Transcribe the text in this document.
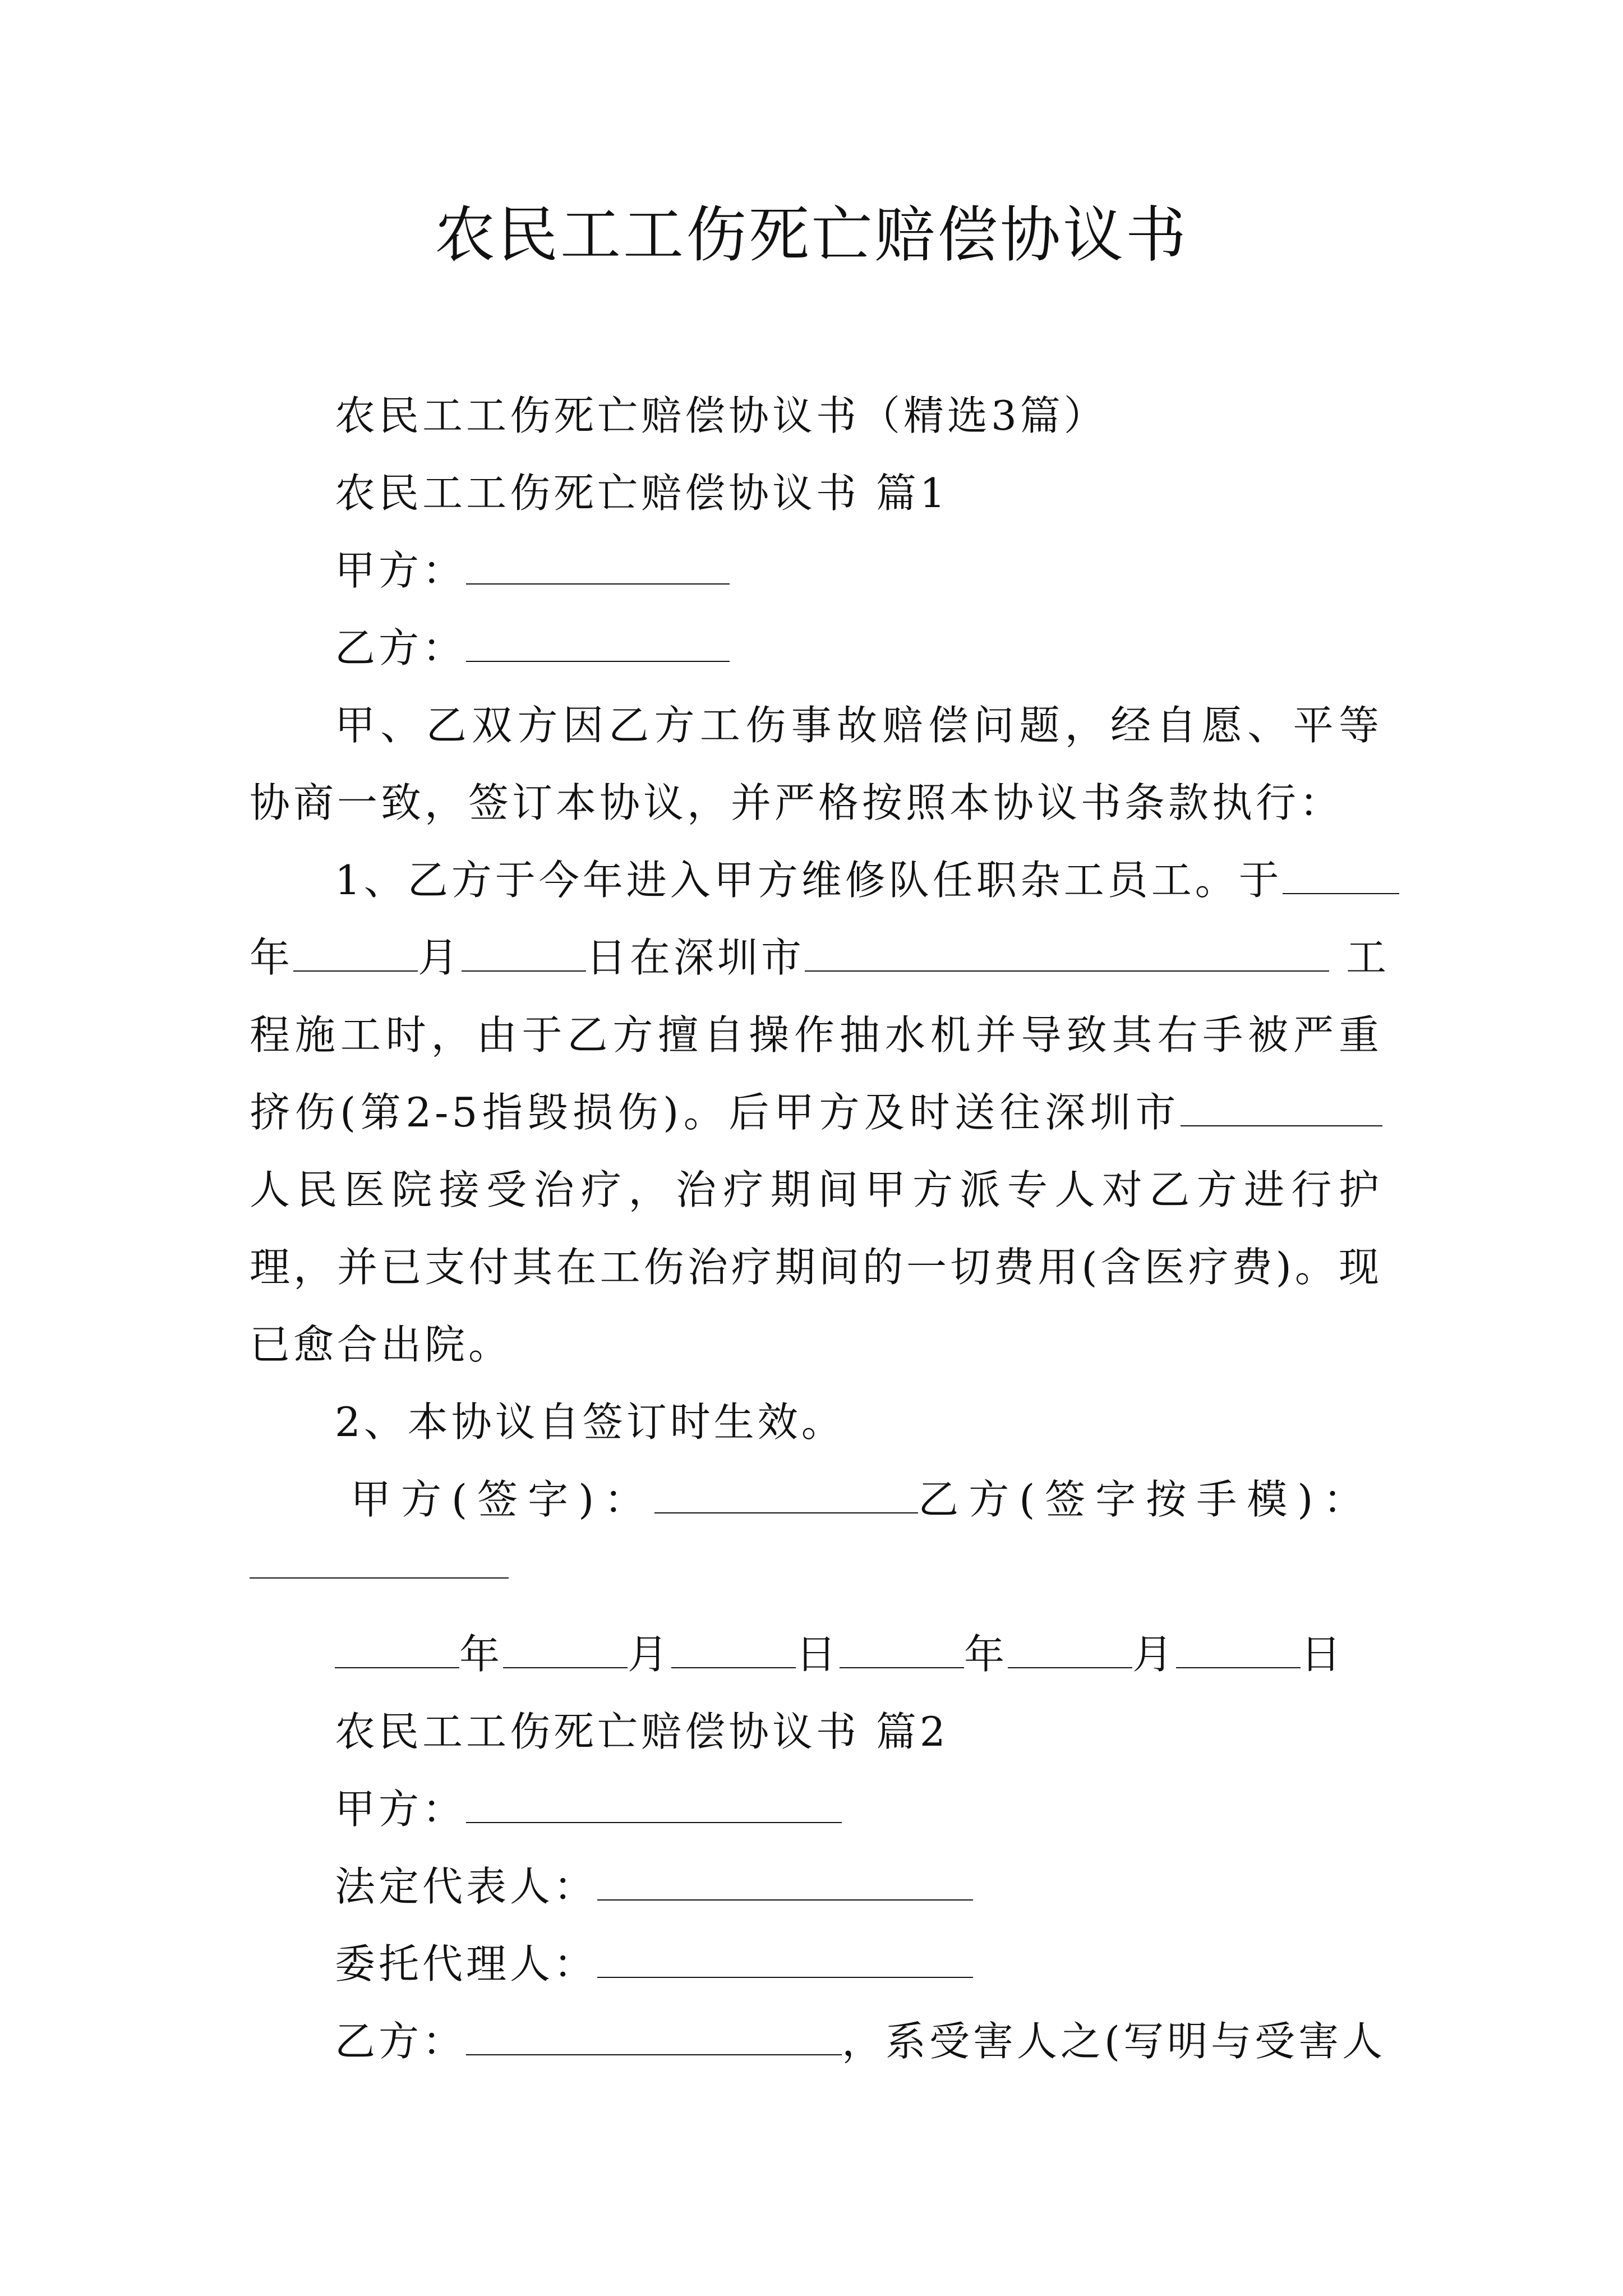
农民工工伤死亡赔偿协议书
农民工工伤死亡赔偿协议书（精选3篇）
农民工工伤死亡赔偿协议书 篇1
甲方：
乙方：
甲、乙双方因乙方工伤事故赔偿问题，经自愿、平等协商一致，签订本协议，并严格按照本协议书条款执行：
1、乙方于今年进入甲方维修队任职杂工员工。于
年	月	日在深圳市	工程施工时，由于乙方擅自操作抽水机并导致其右手被严重挤伤(第2-5指毁损伤)。后甲方及时送往深圳市人民医院接受治疗，治疗期间甲方派专人对乙方进行护理，并已支付其在工伤治疗期间的一切费用(含医疗费)。现已愈合出院。
2、本协议自签订时生效。
甲方(签字)：	乙方(签字按手模)：
年	月	日	年	月	日
农民工工伤死亡赔偿协议书 篇2
甲方：
法定代表人：
委托代理人：
乙方：	，系受害人之(写明与受害人
